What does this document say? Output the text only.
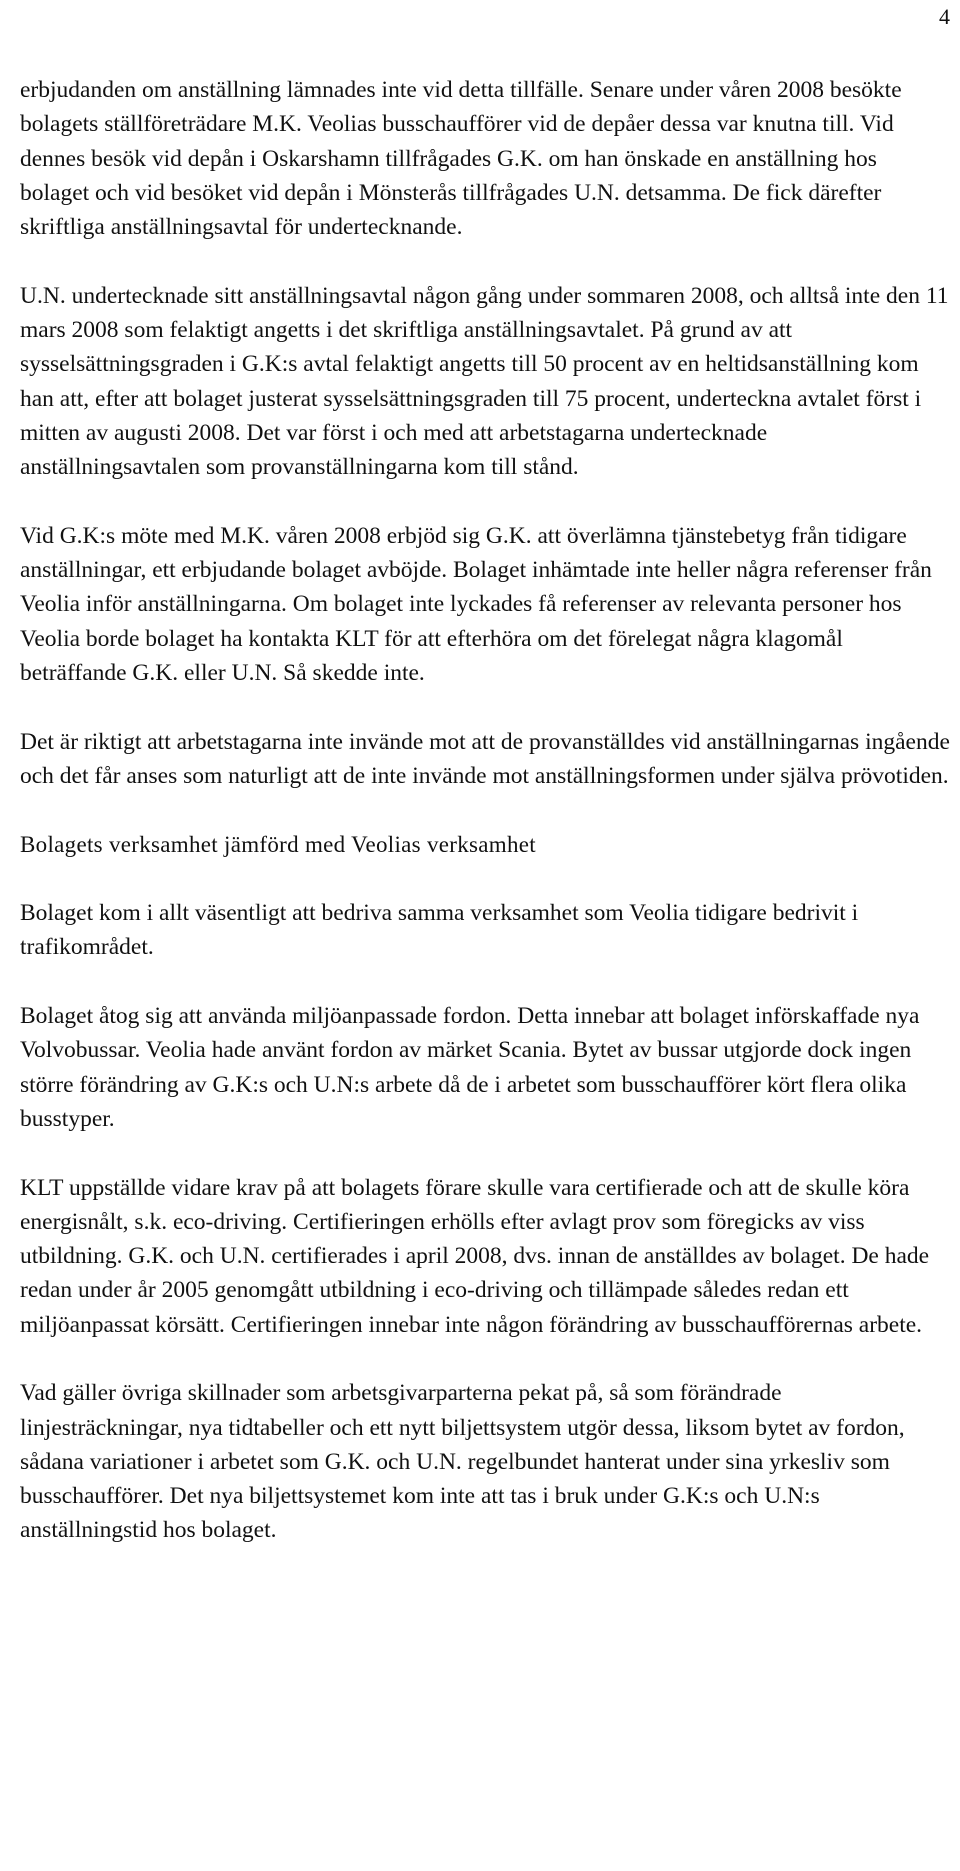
4

erbjudanden om anställning lämnades inte vid detta tillfälle. Senare under våren 2008 besökte bolagets ställföreträdare M.K. Veolias busschaufförer vid de depåer dessa var knutna till. Vid dennes besök vid depån i Oskarshamn tillfrågades G.K. om han önskade en anställning hos bolaget och vid besöket vid depån i Mönsterås tillfrågades U.N. detsamma. De fick därefter skriftliga anställningsavtal för undertecknande.

U.N. undertecknade sitt anställningsavtal någon gång under sommaren 2008, och alltså inte den 11 mars 2008 som felaktigt angetts i det skriftliga anställningsavtalet. På grund av att sysselsättningsgraden i G.K:s avtal felaktigt angetts till 50 procent av en heltidsanställning kom han att, efter att bolaget justerat sysselsättningsgraden till 75 procent, underteckna avtalet först i mitten av augusti 2008. Det var först i och med att arbetstagarna undertecknade anställningsavtalen som provanställningarna kom till stånd.

Vid G.K:s möte med M.K. våren 2008 erbjöd sig G.K. att överlämna tjänstebetyg från tidigare anställningar, ett erbjudande bolaget avböjde. Bolaget inhämtade inte heller några referenser från Veolia inför anställningarna. Om bolaget inte lyckades få referenser av relevanta personer hos Veolia borde bolaget ha kontakta KLT för att efterhöra om det förelegat några klagomål beträffande G.K. eller U.N. Så skedde inte.

Det är riktigt att arbetstagarna inte invände mot att de provanställdes vid anställningarnas ingående och det får anses som naturligt att de inte invände mot anställningsformen under själva prövotiden.

Bolagets verksamhet jämförd med Veolias verksamhet

Bolaget kom i allt väsentligt att bedriva samma verksamhet som Veolia tidigare bedrivit i trafikområdet.

Bolaget åtog sig att använda miljöanpassade fordon. Detta innebar att bolaget införskaffade nya Volvobussar. Veolia hade använt fordon av märket Scania. Bytet av bussar utgjorde dock ingen större förändring av G.K:s och U.N:s arbete då de i arbetet som busschaufförer kört flera olika busstyper.

KLT uppställde vidare krav på att bolagets förare skulle vara certifierade och att de skulle köra energisnålt, s.k. eco-driving. Certifieringen erhölls efter avlagt prov som föregicks av viss utbildning. G.K. och U.N. certifierades i april 2008, dvs. innan de anställdes av bolaget. De hade redan under år 2005 genomgått utbildning i eco-driving och tillämpade således redan ett miljöanpassat körsätt. Certifieringen innebar inte någon förändring av busschaufförernas arbete.

Vad gäller övriga skillnader som arbetsgivarparterna pekat på, så som förändrade linjesträckningar, nya tidtabeller och ett nytt biljettsystem utgör dessa, liksom bytet av fordon, sådana variationer i arbetet som G.K. och U.N. regelbundet hanterat under sina yrkesliv som busschaufförer. Det nya biljettsystemet kom inte att tas i bruk under G.K:s och U.N:s anställningstid hos bolaget.
